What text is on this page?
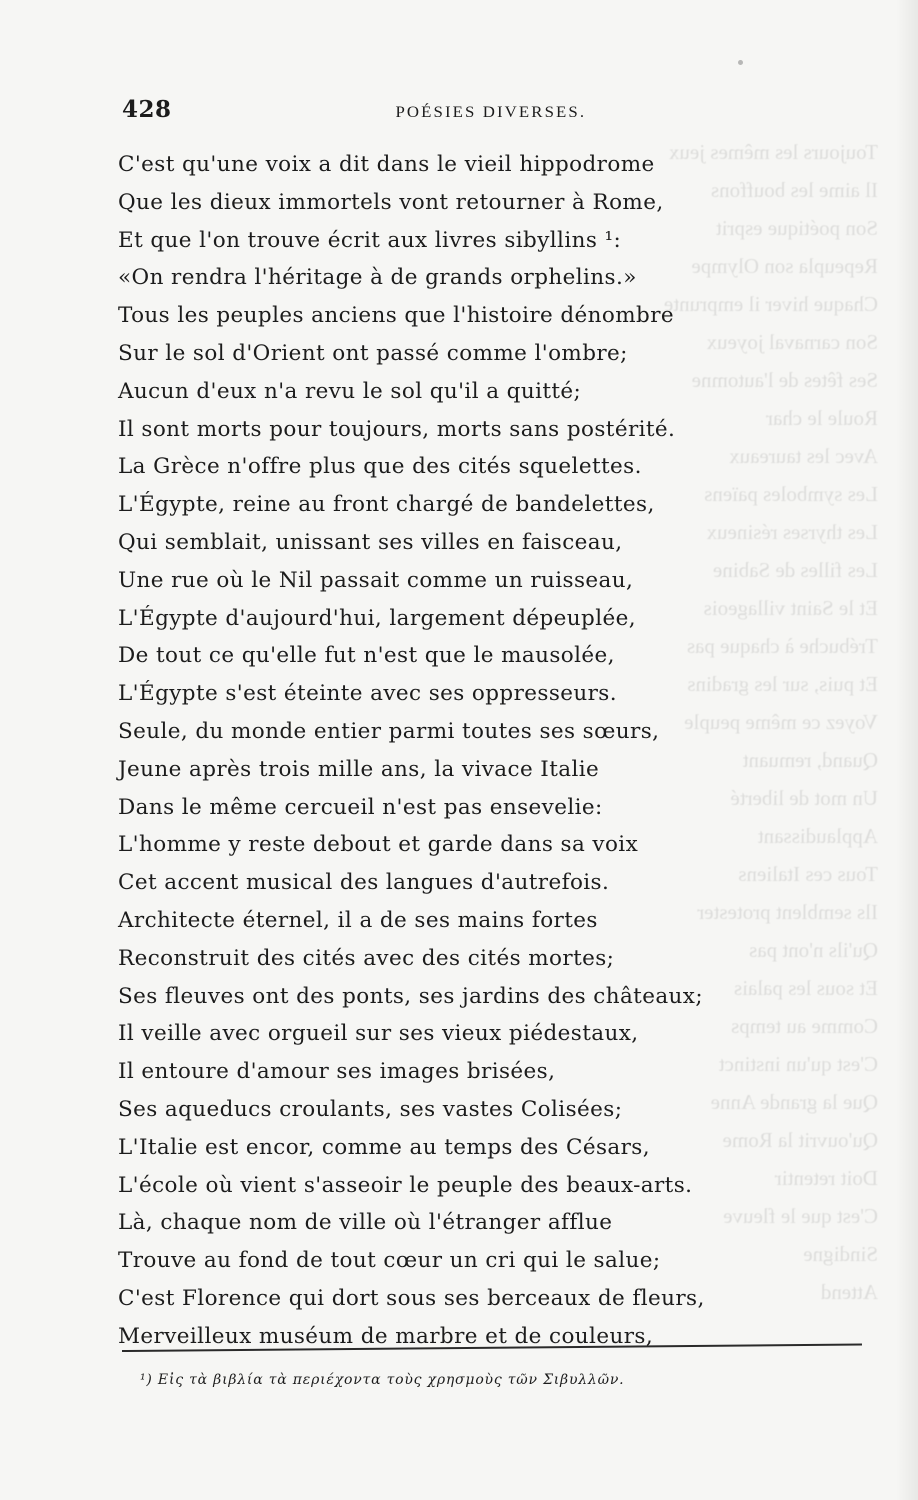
Toujours les mêmes jeux
Il aime les bouffons
Son poétique esprit
Repeupla son Olympe
Chaque hiver il emprunte
Son carnaval joyeux
Ses fêtes de l'automne
Roule le char
Avec les taureaux
Les symboles païens
Les thyrses résineux
Les filles de Sabine
Et le Saint villageois
Trébuche à chaque pas
Et puis, sur les gradins
Voyez ce même peuple
Quand, remuant
Un mot de liberté
Applaudissant
Tous ces Italiens
Ils semblent protester
Qu'ils n'ont pas
Et sous les palais
Comme au temps
C'est qu'un instinct
Que la grande Anne
Qu'ouvrit la Rome
Doit retentir
C'est que le fleuve
Sindigne
Attend
428	POÉSIES DIVERSES.
C'est qu'une voix a dit dans le vieil hippodrome
Que les dieux immortels vont retourner à Rome,
Et que l'on trouve écrit aux livres sibyllins ¹:
«On rendra l'héritage à de grands orphelins.»
Tous les peuples anciens que l'histoire dénombre
Sur le sol d'Orient ont passé comme l'ombre;
Aucun d'eux n'a revu le sol qu'il a quitté;
Il sont morts pour toujours, morts sans postérité.
La Grèce n'offre plus que des cités squelettes.
L'Égypte, reine au front chargé de bandelettes,
Qui semblait, unissant ses villes en faisceau,
Une rue où le Nil passait comme un ruisseau,
L'Égypte d'aujourd'hui, largement dépeuplée,
De tout ce qu'elle fut n'est que le mausolée,
L'Égypte s'est éteinte avec ses oppresseurs.
Seule, du monde entier parmi toutes ses sœurs,
Jeune après trois mille ans, la vivace Italie
Dans le même cercueil n'est pas ensevelie:
L'homme y reste debout et garde dans sa voix
Cet accent musical des langues d'autrefois.
Architecte éternel, il a de ses mains fortes
Reconstruit des cités avec des cités mortes;
Ses fleuves ont des ponts, ses jardins des châteaux;
Il veille avec orgueil sur ses vieux piédestaux,
Il entoure d'amour ses images brisées,
Ses aqueducs croulants, ses vastes Colisées;
L'Italie est encor, comme au temps des Césars,
L'école où vient s'asseoir le peuple des beaux-arts.
Là, chaque nom de ville où l'étranger afflue
Trouve au fond de tout cœur un cri qui le salue;
C'est Florence qui dort sous ses berceaux de fleurs,
Merveilleux muséum de marbre et de couleurs,
¹) Εἰς τὰ βιβλία τὰ περιέχοντα τοὺς χρησμοὺς τῶν Σιβυλλῶν.
